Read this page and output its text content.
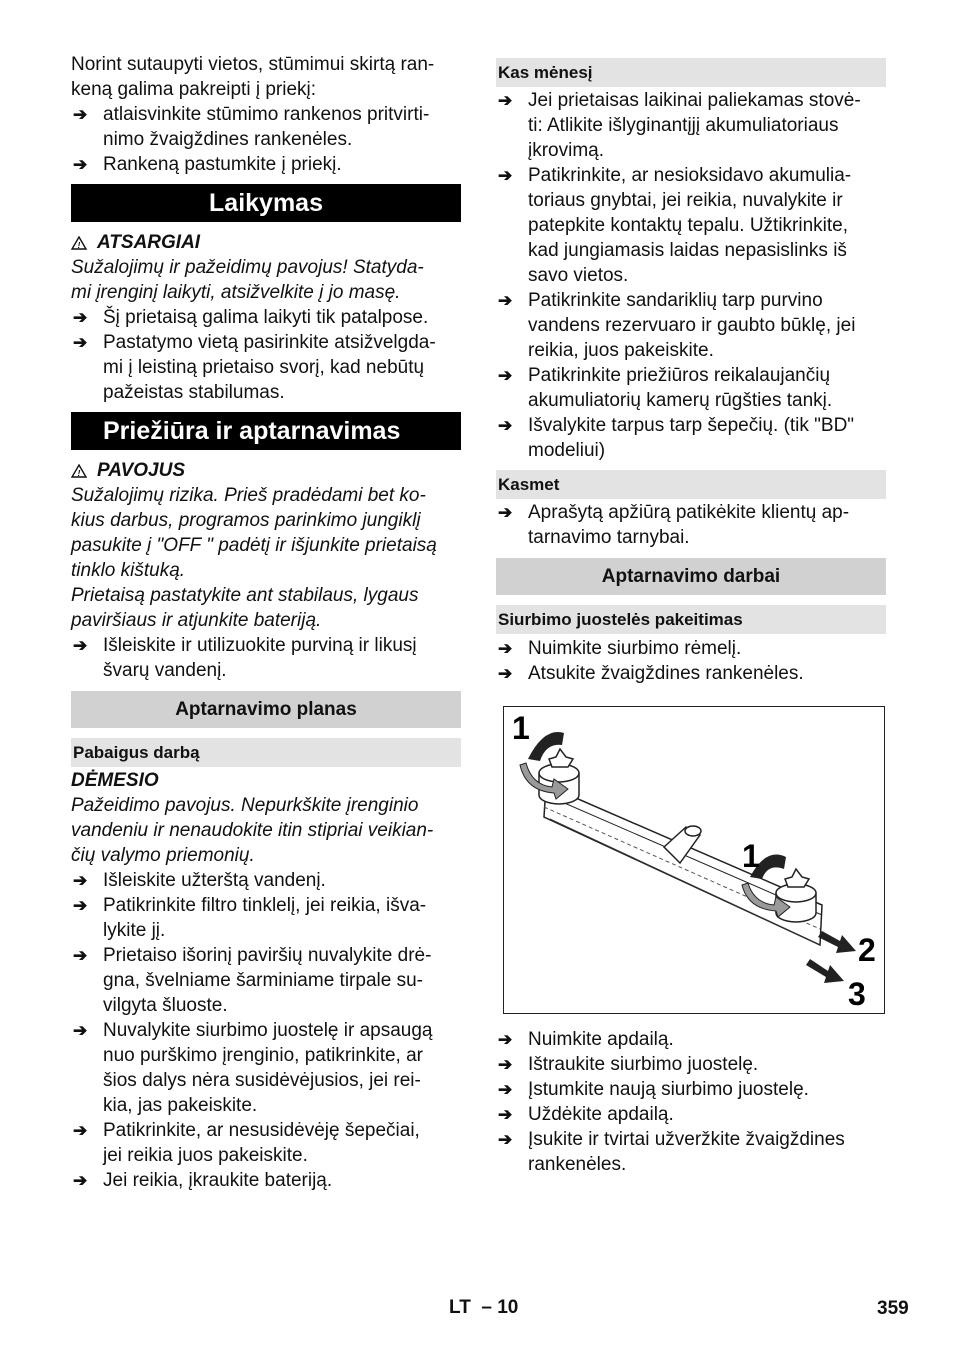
Norint sutaupyti vietos, stūmimui skirtą ran-
keną galima pakreipti į priekį:

➔ atlaisvinkite stūmimo rankenos pritvirti-
nimo žvaigždines rankenėles.
➔ Rankeną pastumkite į priekį.
Laikymas
! ATSARGIAI

Sužalojimų ir pažeidimų pavojus! Statyda-
mi įrenginį laikyti, atsižvelkite į jo masę.

➔ Šį prietaisą galima laikyti tik patalpose.
➔ Pastatymo vietą pasirinkite atsižvelgda-
mi į leistiną prietaiso svorį, kad nebūtų
pažeistas stabilumas.
Priežiūra ir aptarnavimas
! PAVOJUS

Sužalojimų rizika. Prieš pradėdami bet ko-
kius darbus, programos parinkimo jungiklį
pasukite į "OFF " padėtį ir išjunkite prietaisą
tinklo kištuką.

Prietaisą pastatykite ant stabilaus, lygaus
paviršiaus ir atjunkite bateriją.

➔ Išleiskite ir utilizuokite purviną ir likusį
švarų vandenį.
Aptarnavimo planas
Pabaigus darbą

DĖMESIO

Pažeidimo pavojus. Nepurkškite įrenginio
vandeniu ir nenaudokite itin stipriai veikian-
čių valymo priemonių.

➔ Išleiskite užterštą vandenį.
➔ Patikrinkite filtro tinklelį, jei reikia, išva-
lykite jį.
➔ Prietaiso išorinį paviršių nuvalykite drė-
gna, švelniame šarminiame tirpale su-
vilgyta šluoste.
➔ Nuvalykite siurbimo juostelę ir apsaugą
nuo purškimo įrenginio, patikrinkite, ar
šios dalys nėra susidėvėjusios, jei rei-
kia, jas pakeiskite.
➔ Patikrinkite, ar nesusidėvėję šepečiai,
jei reikia juos pakeiskite.
➔ Jei reikia, įkraukite bateriją.
Kas mėnesį
➔ Jei prietaisas laikinai paliekamas stovė-
ti: Atlikite išlyginantįjį akumuliatoriaus
įkrovimą.
➔ Patikrinkite, ar nesioksidavo akumulia-
toriaus gnybtai, jei reikia, nuvalykite ir
patepkite kontaktų tepalu. Užtikrinkite,
kad jungiamasis laidas nepasislinks iš
savo vietos.
➔ Patikrinkite sandariklių tarp purvino
vandens rezervuaro ir gaubto būklę, jei
reikia, juos pakeiskite.
➔ Patikrinkite priežiūros reikalaujančių
akumuliatorių kamerų rūgšties tankį.
➔ Išvalykite tarpus tarp šepečių. (tik "BD"
modeliui)
Kasmet
➔ Aprašytą apžiūrą patikėkite klientų ap-
tarnavimo tarnybai.
Aptarnavimo darbai
Siurbimo juostelės pakeitimas
➔ Nuimkite siurbimo rėmelį.
➔ Atsukite žvaigždines rankenėles.
1
1
2
3
➔ Nuimkite apdailą.
➔ Ištraukite siurbimo juostelę.
➔ Įstumkite naują siurbimo juostelę.
➔ Uždėkite apdailą.
➔ Įsukite ir tvirtai užveržkite žvaigždines
rankenėles.
LT  – 10	359
